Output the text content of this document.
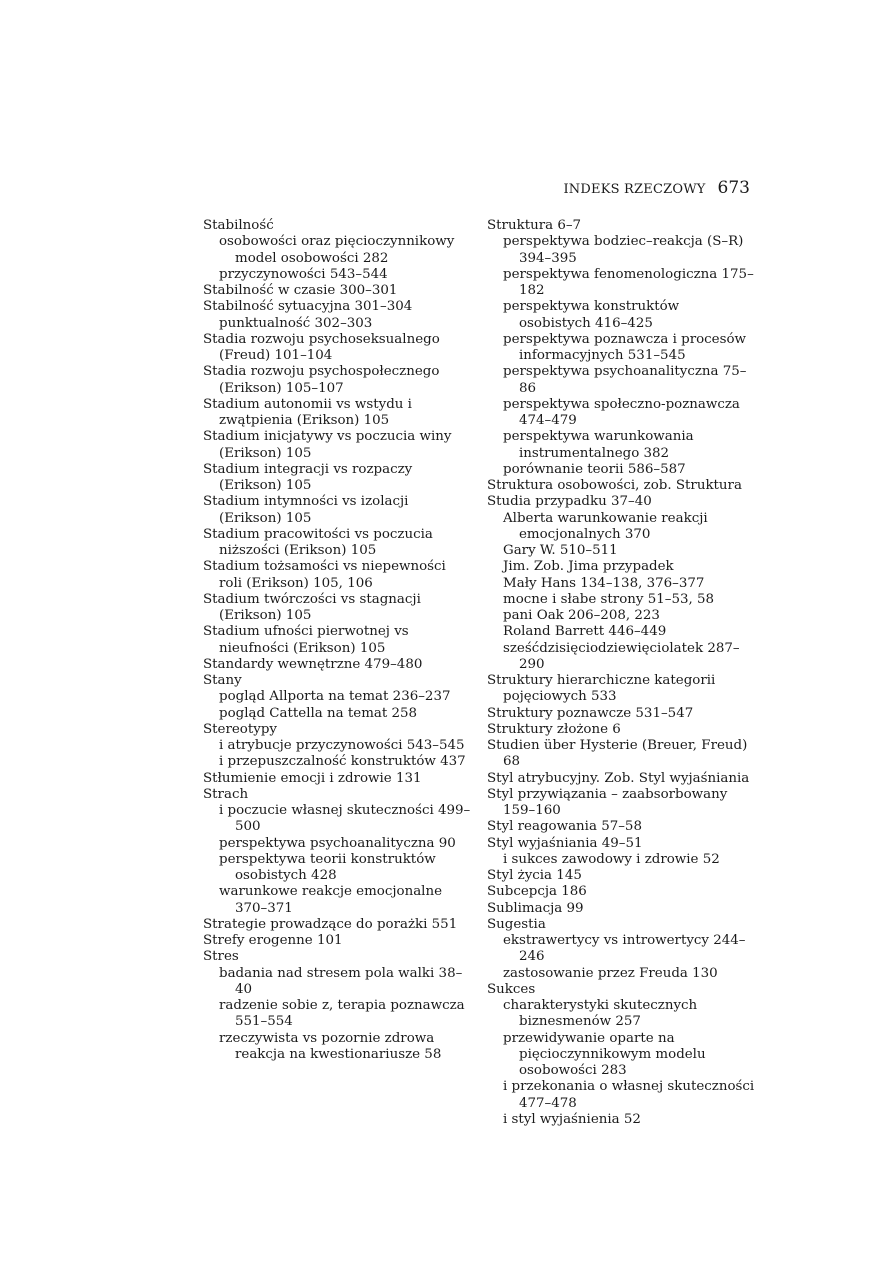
INDEKS RZECZOWY 673
Stabilność
osobowości oraz pięcioczynnikowy model osobowości 282
przyczynowości 543–544
Stabilność w czasie 300–301
Stabilność sytuacyjna 301–304
punktualność 302–303
Stadia rozwoju psychoseksualnego (Freud) 101–104
Stadia rozwoju psychospołecznego (Erikson) 105–107
Stadium autonomii vs wstydu i zwątpienia (Erikson) 105
Stadium inicjatywy vs poczucia winy (Erikson) 105
Stadium integracji vs rozpaczy (Erikson) 105
Stadium intymności vs izolacji (Erikson) 105
Stadium pracowitości vs poczucia niższości (Erikson) 105
Stadium tożsamości vs niepewności roli (Erikson) 105, 106
Stadium twórczości vs stagnacji (Erikson) 105
Stadium ufności pierwotnej vs nieufności (Erikson) 105
Standardy wewnętrzne 479–480
Stany
pogląd Allporta na temat 236–237
pogląd Cattella na temat 258
Stereotypy
i atrybucje przyczynowości 543–545
i przepuszczalność konstruktów 437
Stłumienie emocji i zdrowie 131
Strach
i poczucie własnej skuteczności 499–500
perspektywa psychoanalityczna 90
perspektywa teorii konstruktów osobistych 428
warunkowe reakcje emocjonalne 370–371
Strategie prowadzące do porażki 551
Strefy erogenne 101
Stres
badania nad stresem pola walki 38–40
radzenie sobie z, terapia poznawcza 551–554
rzeczywista vs pozornie zdrowa reakcja na kwestionariusze 58
Struktura 6–7
perspektywa bodziec–reakcja (S–R) 394–395
perspektywa fenomenologiczna 175–182
perspektywa konstruktów osobistych 416–425
perspektywa poznawcza i procesów informacyjnych 531–545
perspektywa psychoanalityczna 75–86
perspektywa społeczno-poznawcza 474–479
perspektywa warunkowania instrumentalnego 382
porównanie teorii 586–587
Struktura osobowości, zob. Struktura
Studia przypadku 37–40
Alberta warunkowanie reakcji emocjonalnych 370
Gary W. 510–511
Jim. Zob. Jima przypadek
Mały Hans 134–138, 376–377
mocne i słabe strony 51–53, 58
pani Oak 206–208, 223
Roland Barrett 446–449
sześćdzisięciodziewięciolatek 287–290
Struktury hierarchiczne kategorii pojęciowych 533
Struktury poznawcze 531–547
Struktury złożone 6
Studien über Hysterie (Breuer, Freud) 68
Styl atrybucyjny. Zob. Styl wyjaśniania
Styl przywiązania – zaabsorbowany 159–160
Styl reagowania 57–58
Styl wyjaśniania 49–51
i sukces zawodowy i zdrowie 52
Styl życia 145
Subcepcja 186
Sublimacja 99
Sugestia
ekstrawertycy vs introwertycy 244–246
zastosowanie przez Freuda 130
Sukces
charakterystyki skutecznych biznesmenów 257
przewidywanie oparte na pięcioczynnikowym modelu osobowości 283
i przekonania o własnej skuteczności 477–478
i styl wyjaśnienia 52
